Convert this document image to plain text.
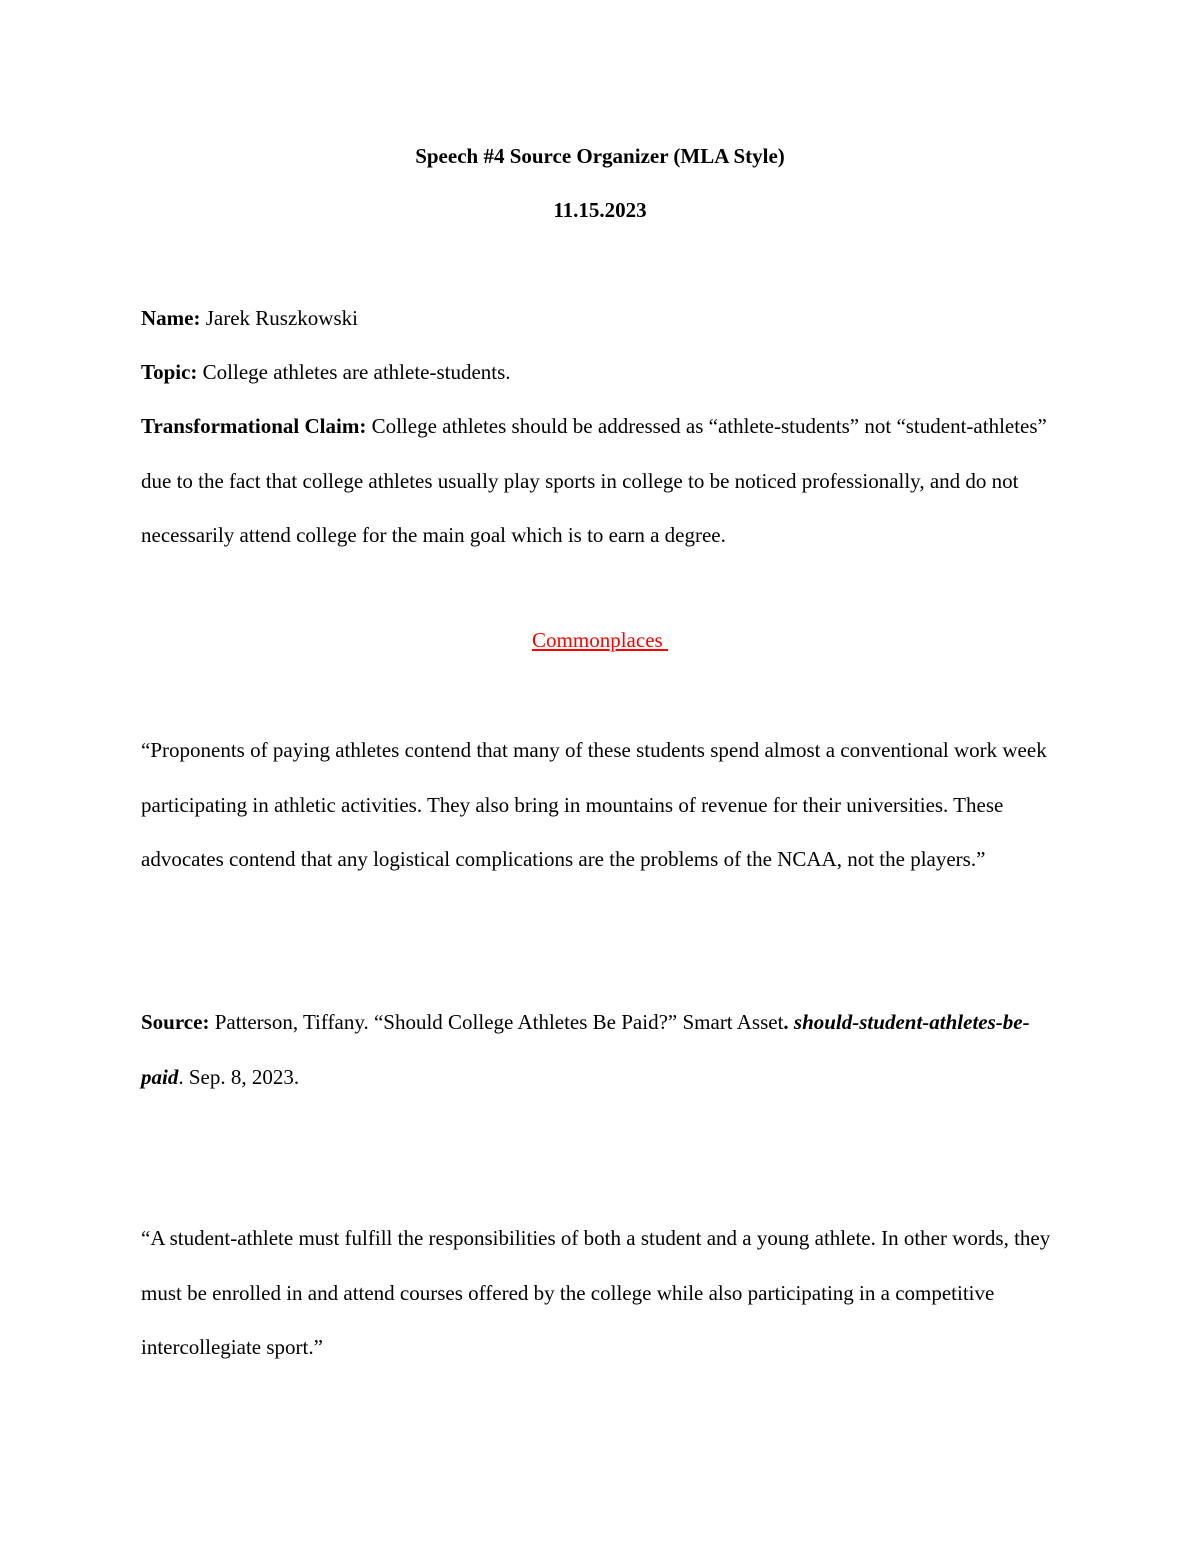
Speech #4 Source Organizer (MLA Style)
11.15.2023
Name: Jarek Ruszkowski
Topic: College athletes are athlete-students.
Transformational Claim: College athletes should be addressed as “athlete-students” not “student-athletes” due to the fact that college athletes usually play sports in college to be noticed professionally, and do not necessarily attend college for the main goal which is to earn a degree.
Commonplaces
“Proponents of paying athletes contend that many of these students spend almost a conventional work week participating in athletic activities. They also bring in mountains of revenue for their universities. These advocates contend that any logistical complications are the problems of the NCAA, not the players.”
Source: Patterson, Tiffany. “Should College Athletes Be Paid?” Smart Asset. should-student-athletes-be-paid. Sep. 8, 2023.
“A student-athlete must fulfill the responsibilities of both a student and a young athlete. In other words, they must be enrolled in and attend courses offered by the college while also participating in a competitive intercollegiate sport.”
